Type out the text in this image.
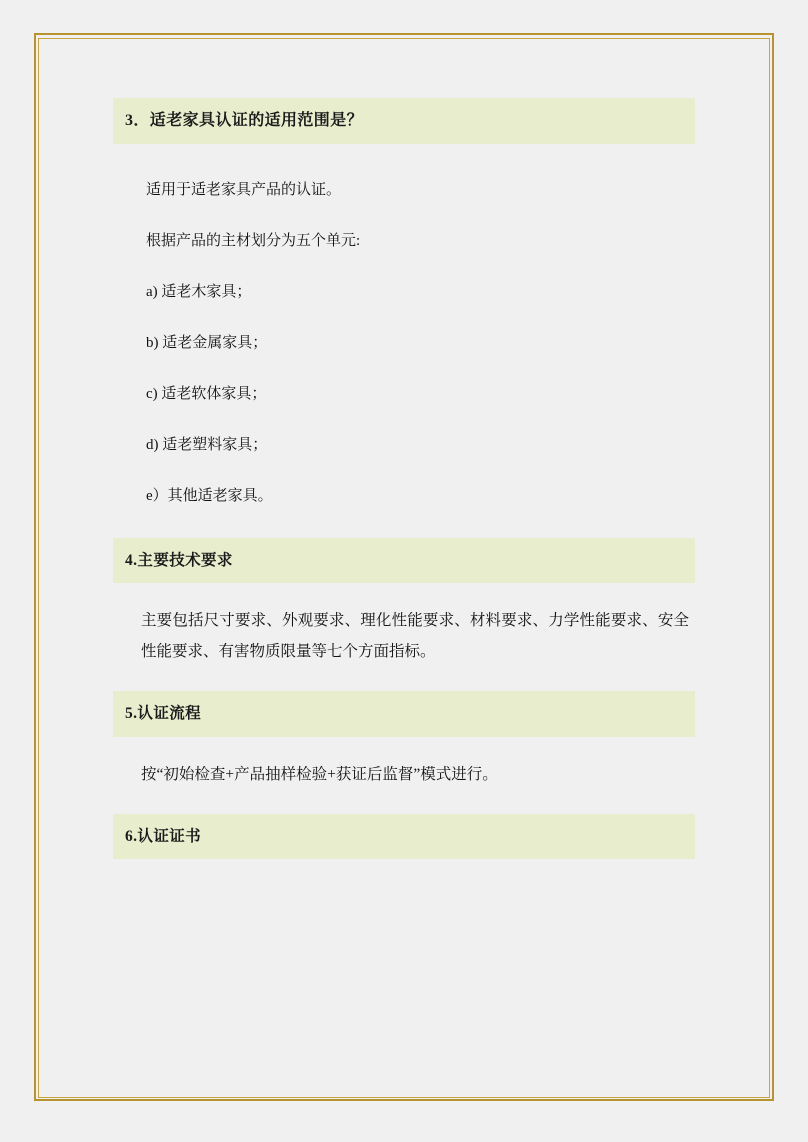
3．适老家具认证的适用范围是？

适用于适老家具产品的认证。

根据产品的主材划分为五个单元:

a) 适老木家具；

b) 适老金属家具；

c) 适老软体家具；

d) 适老塑料家具；

e）其他适老家具。

4.主要技术要求

主要包括尺寸要求、外观要求、理化性能要求、材料要求、力学性能要求、安全性能要求、有害物质限量等七个方面指标。

5.认证流程

按“初始检查+产品抽样检验+获证后监督”模式进行。

6.认证证书
